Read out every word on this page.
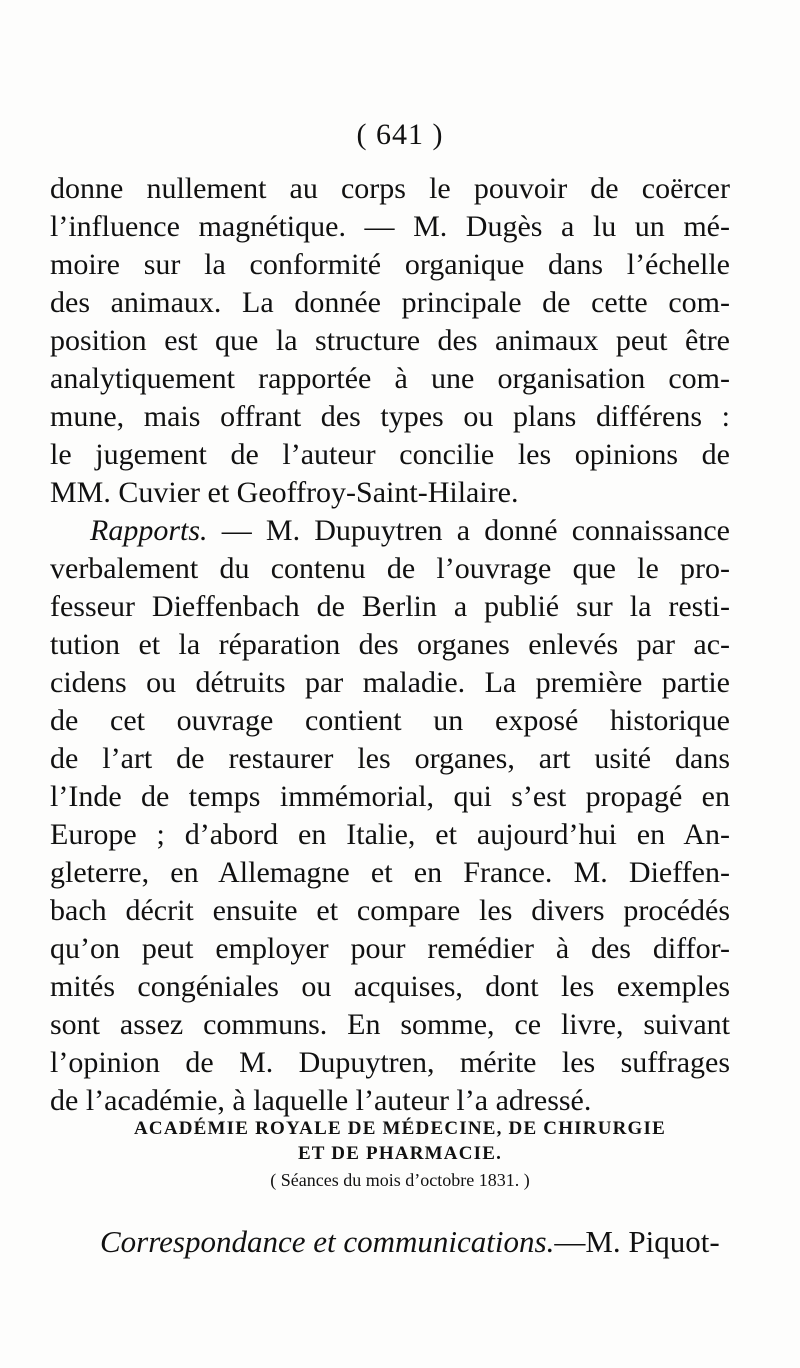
( 641 )
donne nullement au corps le pouvoir de coërcer
l’influence magnétique. — M. Dugès a lu un mé-
moire sur la conformité organique dans l’échelle
des animaux. La donnée principale de cette com-
position est que la structure des animaux peut être
analytiquement rapportée à une organisation com-
mune, mais offrant des types ou plans différens :
le jugement de l’auteur concilie les opinions de
MM. Cuvier et Geoffroy-Saint-Hilaire.
Rapports. — M. Dupuytren a donné connaissance
verbalement du contenu de l’ouvrage que le pro-
fesseur Dieffenbach de Berlin a publié sur la resti-
tution et la réparation des organes enlevés par ac-
cidens ou détruits par maladie. La première partie
de cet ouvrage contient un exposé historique
de l’art de restaurer les organes, art usité dans
l’Inde de temps immémorial, qui s’est propagé en
Europe ; d’abord en Italie, et aujourd’hui en An-
gleterre, en Allemagne et en France. M. Dieffen-
bach décrit ensuite et compare les divers procédés
qu’on peut employer pour remédier à des diffor-
mités congéniales ou acquises, dont les exemples
sont assez communs. En somme, ce livre, suivant
l’opinion de M. Dupuytren, mérite les suffrages
de l’académie, à laquelle l’auteur l’a adressé.
ACADÉMIE ROYALE DE MÉDECINE, DE CHIRURGIE
ET DE PHARMACIE.
( Séances du mois d’octobre 1831. )
Correspondance et communications.—M. Piquot-
